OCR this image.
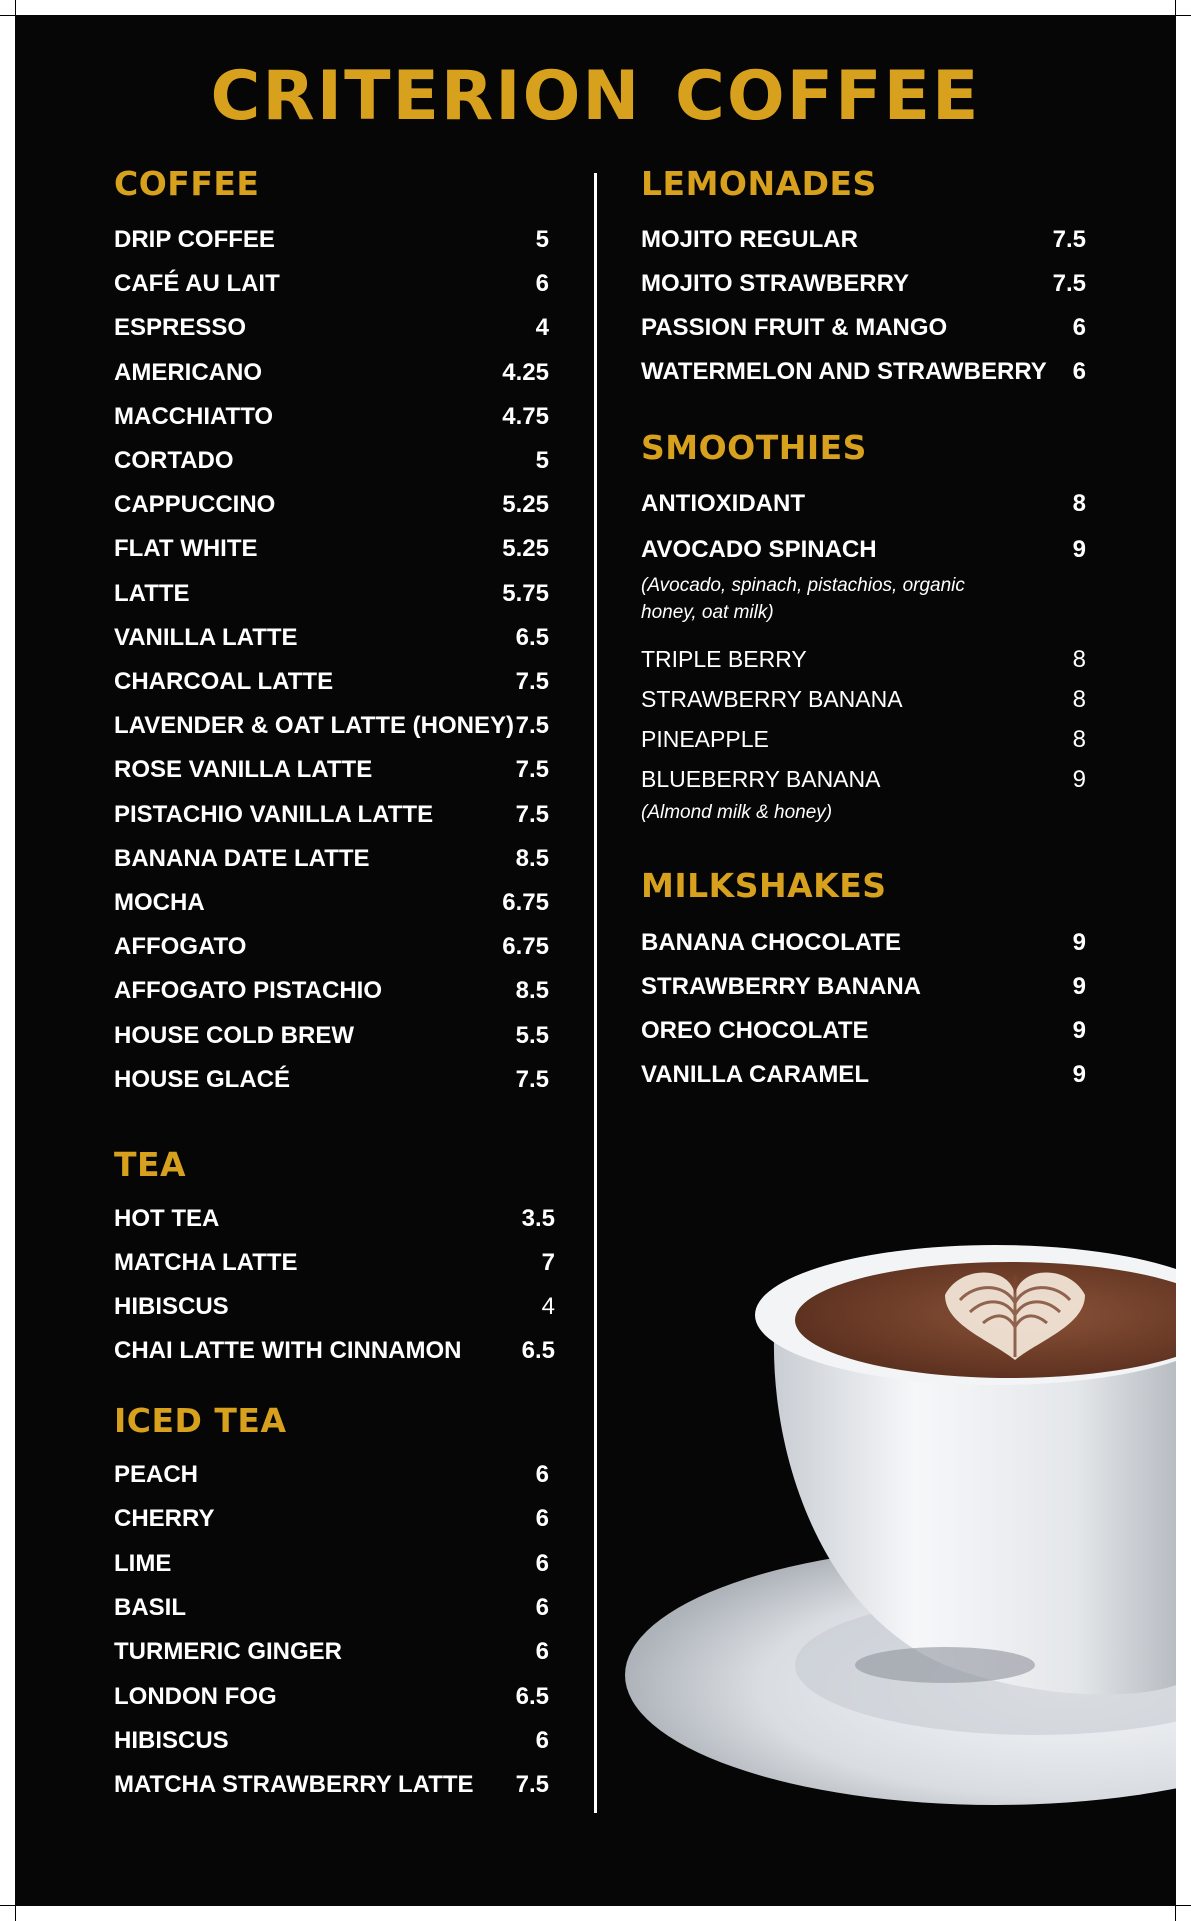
CRITERION COFFEE
COFFEE
DRIP COFFEE	5
CAFÉ AU LAIT	6
ESPRESSO	4
AMERICANO	4.25
MACCHIATTO	4.75
CORTADO	5
CAPPUCCINO	5.25
FLAT WHITE	5.25
LATTE	5.75
VANILLA LATTE	6.5
CHARCOAL LATTE	7.5
LAVENDER & OAT LATTE (HONEY) 7.5
ROSE VANILLA LATTE	7.5
PISTACHIO VANILLA LATTE	7.5
BANANA DATE LATTE	8.5
MOCHA	6.75
AFFOGATO	6.75
AFFOGATO PISTACHIO	8.5
HOUSE COLD BREW	5.5
HOUSE GLACÉ	7.5
TEA
HOT TEA	3.5
MATCHA LATTE	7
HIBISCUS	4
CHAI LATTE WITH CINNAMON	6.5
ICED TEA
PEACH	6
CHERRY	6
LIME	6
BASIL	6
TURMERIC GINGER	6
LONDON FOG	6.5
HIBISCUS	6
MATCHA STRAWBERRY LATTE 7.5
LEMONADES
MOJITO REGULAR	7.5
MOJITO STRAWBERRY	7.5
PASSION FRUIT & MANGO	6
WATERMELON AND STRAWBERRY 6
SMOOTHIES
ANTIOXIDANT	8
AVOCADO SPINACH	9
TRIPLE BERRY	8
STRAWBERRY BANANA	8
PINEAPPLE	8
BLUEBERRY BANANA	9
(Avocado, spinach, pistachios, organic honey, oat milk)
(Almond milk & honey)
MILKSHAKES
BANANA CHOCOLATE	9
STRAWBERRY BANANA	9
OREO CHOCOLATE	9
VANILLA CARAMEL	9
